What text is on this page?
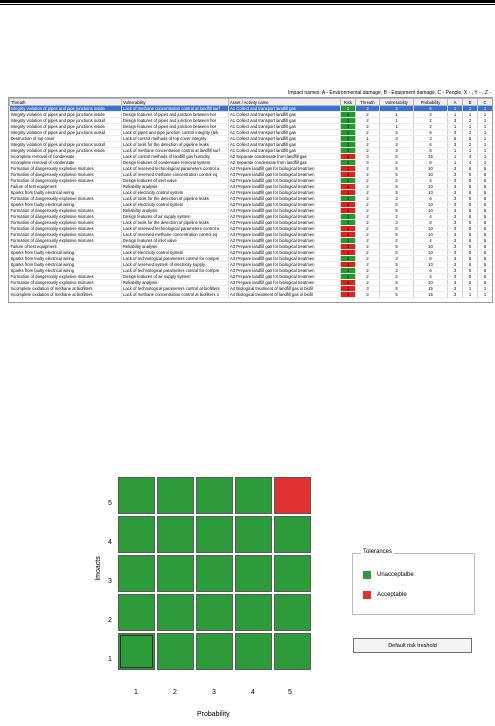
Impact names: A - Environmental damage, B - Equipment damage, C - People, X - , Y - , Z -
Threath	Vulnerability	Asset / Activity name	Risk	Threath	Vulnerability	Probability	A	B	C
Integrity violation of pipes and pipe junctions inside	Lack of methane concentration control at landfill surf	A1 Collect and transport landfill gas	1	2	3	6	1	1	1
Integrity violation of pipes and pipe junctions inside	Design features of pipes and junction between hor	A1 Collect and transport landfill gas	1	2	1	2	1	1	1
Integrity violation of pipes and pipe junctions outsid	Design features of pipes and junction between hor	A1 Collect and transport landfill gas	1	2	1	2	3	2	1
Integrity violation of pipes and pipe junctions inside	Design features of pipes and junction between hor	A1 Collect and transport landfill gas	1	2	1	2	1	1	1
Integrity violation of pipes and pipe junctions outsid	Lack of pipes and pipe junction control integrity (tek	A1 Collect and transport landfill gas	1	2	3	6	3	2	1
Destruction of top cover	Lack of control methods of top cover integrity	A1 Collect and transport landfill gas	1	1	3	3	5	5	1
Integrity violation of pipes and pipe junctions outsid	Lack of tools for the detection of pipeline leaks	A1 Collect and transport landfill gas	1	2	3	6	3	2	1
Integrity violation of pipes and pipe junctions inside	Lack of methane concentration control at landfill surf	A1 Collect and transport landfill gas	1	2	3	6	1	1	1
Incomplete removal of condensate	Lack of control methods of landfill gas humidity	A2 Separate condensate from landfill gas	1	3	5	15	1	4	1
Incomplete removal of condensate	Design features of condensate removal system	A2 Separate condensate from landfill gas	1	3	2	6	1	4	1
Formation of dangerously explosive mixtures	Lack of reserved technological parameters control a	A3 Prepare landfill gas for biological treatmen	1	2	5	10	3	5	5
Formation of dangerously explosive mixtures	Lack of reserved methane concentration control eq	A3 Prepare landfill gas for biological treatmen	1	2	5	10	3	5	5
Formation of dangerously explosive mixtures	Design features of inlet valve	A3 Prepare landfill gas for biological treatmen	1	2	2	4	3	5	5
Failure of test equipment	Reliability analysis	A3 Prepare landfill gas for biological treatmen	1	2	5	10	3	5	5
Sparks from faulty electrical wiring	Lack of electricity control system	A3 Prepare landfill gas for biological treatmen	1	2	5	10	3	5	5
Formation of dangerously explosive mixtures	Lack of tools for the detection of pipeline leaks	A3 Prepare landfill gas for biological treatmen	1	2	3	6	3	5	5
Sparks from faulty electrical wiring	Lack of electricity control system	A3 Prepare landfill gas for biological treatmen	1	2	5	10	3	5	5
Formation of dangerously explosive mixtures	Reliability analysis	A3 Prepare landfill gas for biological treatmen	1	2	5	10	3	5	5
Formation of dangerously explosive mixtures	Design features of air supply system	A3 Prepare landfill gas for biological treatmen	1	2	2	4	3	5	5
Formation of dangerously explosive mixtures	Lack of tools for the detection of pipeline leaks	A3 Prepare landfill gas for biological treatmen	1	2	3	6	3	5	5
Formation of dangerously explosive mixtures	Lack of reserved technological parameters control a	A3 Prepare landfill gas for biological treatmen	1	2	5	10	3	5	5
Formation of dangerously explosive mixtures	Lack of reserved methane concentration control eq	A3 Prepare landfill gas for biological treatmen	1	2	5	10	3	5	5
Formation of dangerously explosive mixtures	Design features of inlet valve	A3 Prepare landfill gas for biological treatmen	1	2	2	4	3	5	5
Failure of test equipment	Reliability analysis	A3 Prepare landfill gas for biological treatmen	1	2	5	10	3	5	5
Sparks from faulty electrical wiring	Lack of electricity control system	A3 Prepare landfill gas for biological treatmen	1	2	5	10	3	5	5
Sparks from faulty electrical wiring	Lack of technological parameters control for compre	A3 Prepare landfill gas for biological treatmen	1	2	3	6	3	5	5
Sparks from faulty electrical wiring	Lack of reserved system of electricity supply	A3 Prepare landfill gas for biological treatmen	1	2	5	10	3	5	5
Sparks from faulty electrical wiring	Lack of technological parameters control for compre	A3 Prepare landfill gas for biological treatmen	1	2	3	6	3	5	5
Formation of dangerously explosive mixtures	Design features of air supply system	A3 Prepare landfill gas for biological treatmen	1	2	2	4	3	5	5
Formation of dangerously explosive mixtures	Reliability analysis	A3 Prepare landfill gas for biological treatmen	1	2	5	10	3	5	5
Incomplete oxidation of methane at biofilters	Lack of technological parameters control at biofilters	A4 Biological treatment of landfill gas in biofil	1	3	5	15	3	1	1
Incomplete oxidation of methane at biofilters	Lack of methane concentration control at biofilters o	A4 Biological treatment of landfill gas in biofil	1	3	5	15	3	1	1
5
4
3
2
1
1	2	3	4	5
Imoacts
Probability
Tolerances
Unacceptalbe
Acceptable
Default risk treshold
